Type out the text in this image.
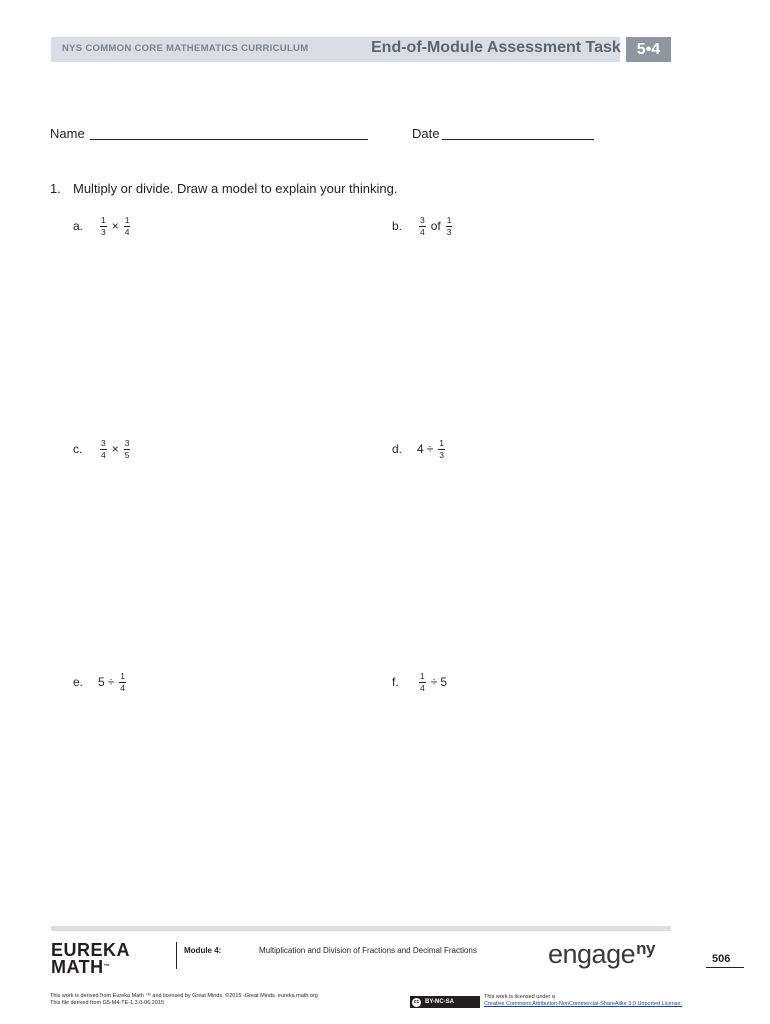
NYS COMMON CORE MATHEMATICS CURRICULUM	End-of-Module Assessment Task 5•4
Name	Date
1. Multiply or divide. Draw a model to explain your thinking.
a.	$\frac{1}{3} \times \frac{1}{4}$	b.	$\frac{3}{4}$ of $\frac{1}{3}$
c.	$\frac{3}{4} \times \frac{3}{5}$	d.	$4 \div \frac{1}{3}$
e.	$5 \div \frac{1}{4}$	f.	$\frac{1}{4} \div 5$
EUREKA
MATH™
Module 4:	Multiplication and Division of Fractions and Decimal Fractions	engage$^{ny}$
506
This work is derived from Eureka Math ™ and licensed by Great Minds. ©2015 -Great Minds. eureka math.org
This file derived from G5-M4-TE-1.3.0-06.2015	cc BY-NC-SA
This work is licensed under a
Creative Commons Attribution-NonCommercial-ShareAlike 3.0 Unported License.
